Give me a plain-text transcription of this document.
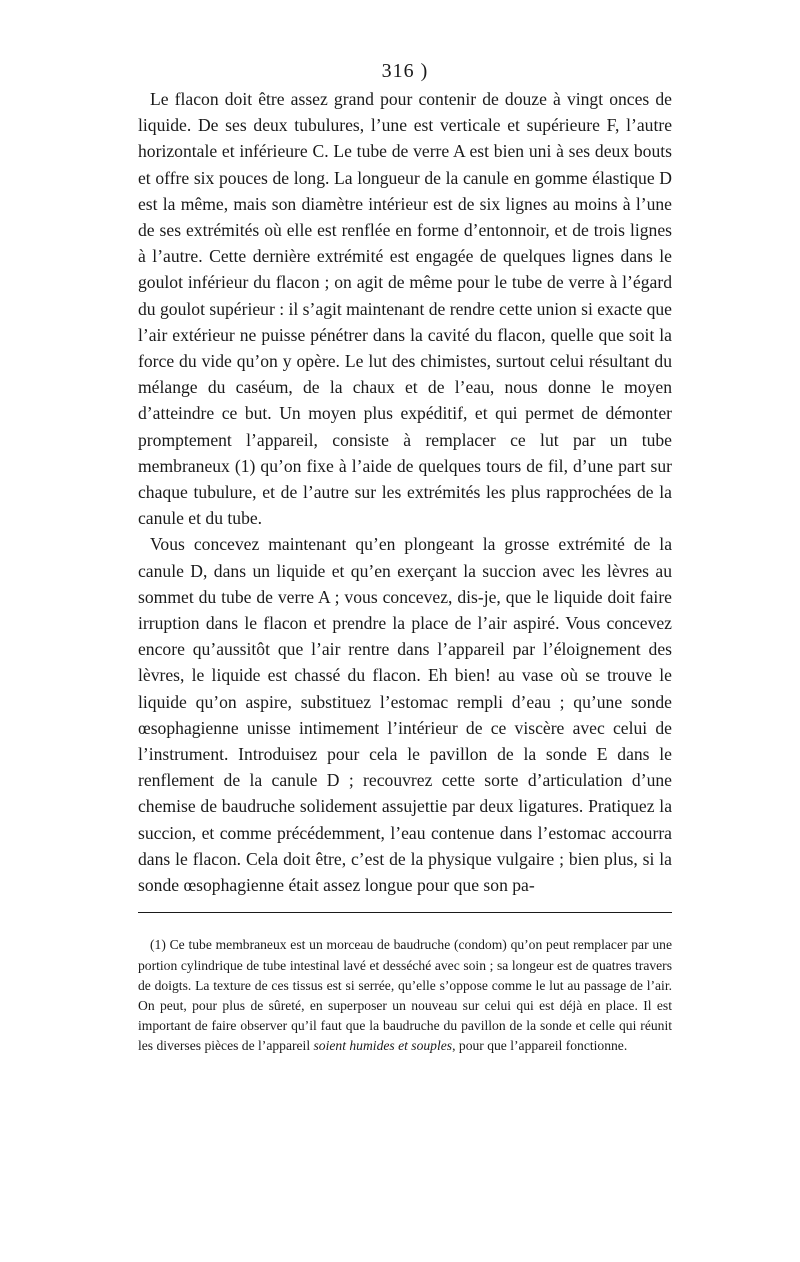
316 )

Le flacon doit être assez grand pour contenir de douze à vingt onces de liquide. De ses deux tubulures, l’une est verticale et supérieure F, l’autre horizontale et inférieure C. Le tube de verre A est bien uni à ses deux bouts et offre six pouces de long. La longueur de la canule en gomme élastique D est la même, mais son diamètre intérieur est de six lignes au moins à l’une de ses extrémités où elle est renflée en forme d’entonnoir, et de trois lignes à l’autre. Cette dernière extrémité est engagée de quelques lignes dans le goulot inférieur du flacon ; on agit de même pour le tube de verre à l’égard du goulot supérieur : il s’agit maintenant de rendre cette union si exacte que l’air extérieur ne puisse pénétrer dans la cavité du flacon, quelle que soit la force du vide qu’on y opère. Le lut des chimistes, surtout celui résultant du mélange du caséum, de la chaux et de l’eau, nous donne le moyen d’atteindre ce but. Un moyen plus expéditif, et qui permet de démonter promptement l’appareil, consiste à remplacer ce lut par un tube membraneux (1) qu’on fixe à l’aide de quelques tours de fil, d’une part sur chaque tubulure, et de l’autre sur les extrémités les plus rapprochées de la canule et du tube.

Vous concevez maintenant qu’en plongeant la grosse extrémité de la canule D, dans un liquide et qu’en exerçant la succion avec les lèvres au sommet du tube de verre A ; vous concevez, dis-je, que le liquide doit faire irruption dans le flacon et prendre la place de l’air aspiré. Vous concevez encore qu’aussitôt que l’air rentre dans l’appareil par l’éloignement des lèvres, le liquide est chassé du flacon. Eh bien! au vase où se trouve le liquide qu’on aspire, substituez l’estomac rempli d’eau ; qu’une sonde œsophagienne unisse intimement l’intérieur de ce viscère avec celui de l’instrument. Introduisez pour cela le pavillon de la sonde E dans le renflement de la canule D ; recouvrez cette sorte d’articulation d’une chemise de baudruche solidement assujettie par deux ligatures. Pratiquez la succion, et comme précédemment, l’eau contenue dans l’estomac accourra dans le flacon. Cela doit être, c’est de la physique vulgaire ; bien plus, si la sonde œsophagienne était assez longue pour que son pa-

(1) Ce tube membraneux est un morceau de baudruche (condom) qu’on peut remplacer par une portion cylindrique de tube intestinal lavé et desséché avec soin ; sa longeur est de quatres travers de doigts. La texture de ces tissus est si serrée, qu’elle s’oppose comme le lut au passage de l’air. On peut, pour plus de sûreté, en superposer un nouveau sur celui qui est déjà en place. Il est important de faire observer qu’il faut que la baudruche du pavillon de la sonde et celle qui réunit les diverses pièces de l’appareil soient humides et souples, pour que l’appareil fonctionne.
